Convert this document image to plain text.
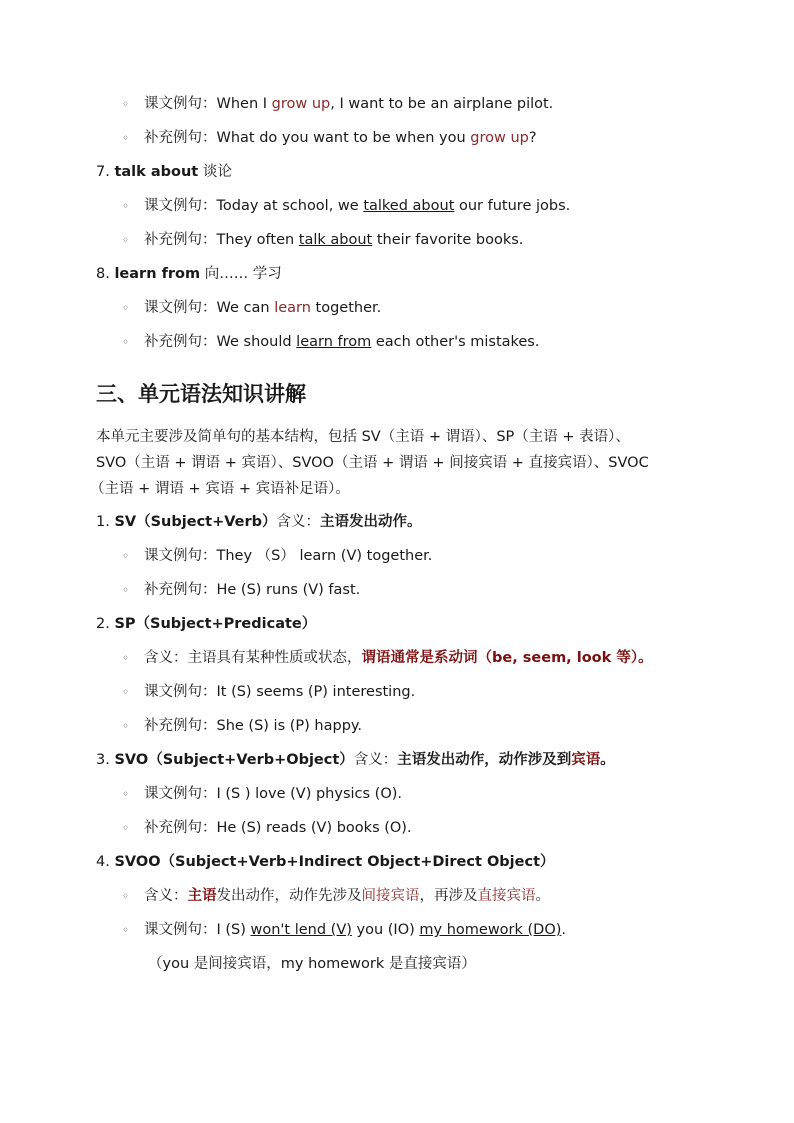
◦ 课文例句：When I grow up, I want to be an airplane pilot.
◦ 补充例句：What do you want to be when you grow up?
7. talk about 谈论
◦ 课文例句：Today at school, we talked about our future jobs.
◦ 补充例句：They often talk about their favorite books.
8. learn from 向…… 学习
◦ 课文例句：We can learn together.
◦ 补充例句：We should learn from each other's mistakes.
三、单元语法知识讲解
本单元主要涉及简单句的基本结构，包括 SV（主语 + 谓语）、SP（主语 + 表语）、
SVO（主语 + 谓语 + 宾语）、SVOO（主语 + 谓语 + 间接宾语 + 直接宾语）、SVOC
（主语 + 谓语 + 宾语 + 宾语补足语）。
1. SV（Subject+Verb）含义：主语发出动作。
◦ 课文例句：They （S） learn (V) together.
◦ 补充例句：He (S) runs (V) fast.
2. SP（Subject+Predicate）
◦ 含义：主语具有某种性质或状态，谓语通常是系动词（be, seem, look 等）。
◦ 课文例句：It (S) seems (P) interesting.
◦ 补充例句：She (S) is (P) happy.
3. SVO（Subject+Verb+Object）含义：主语发出动作，动作涉及到宾语。
◦ 课文例句：I (S ) love (V) physics (O).
◦ 补充例句：He (S) reads (V) books (O).
4. SVOO（Subject+Verb+Indirect Object+Direct Object）
◦ 含义：主语发出动作，动作先涉及间接宾语，再涉及直接宾语。
◦ 课文例句：I (S) won't lend (V) you (IO) my homework (DO).
（you 是间接宾语，my homework 是直接宾语）
